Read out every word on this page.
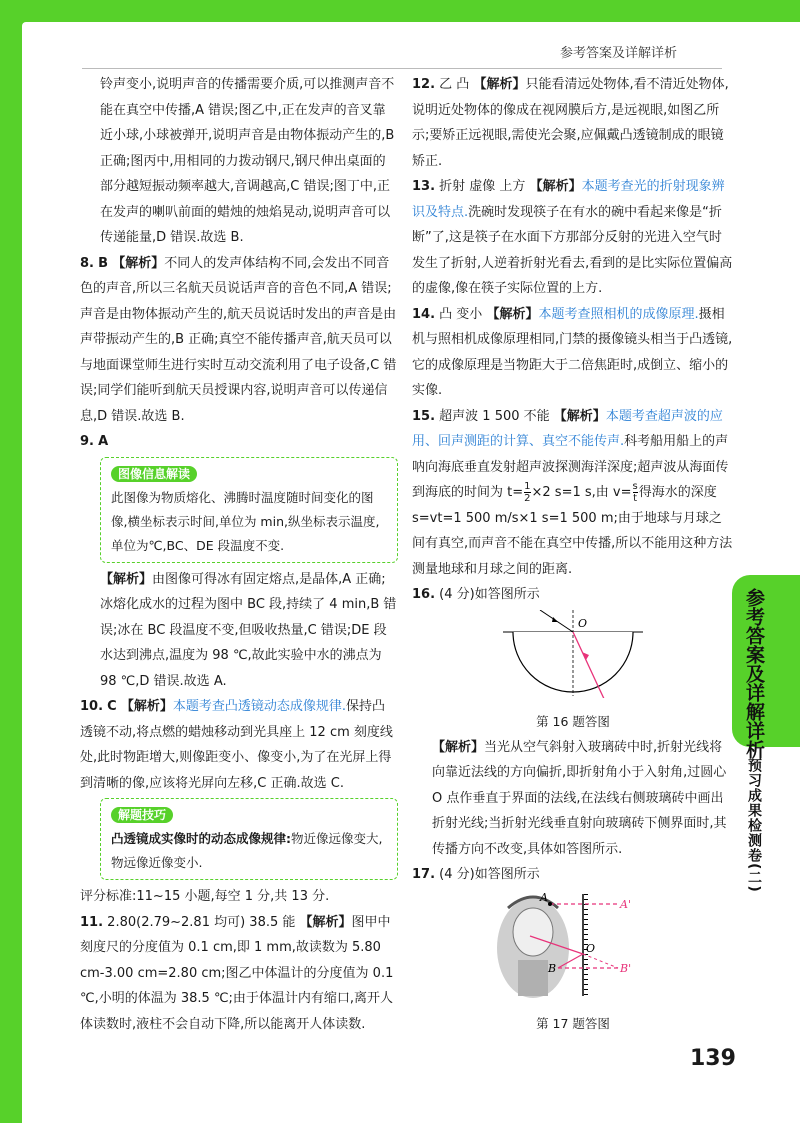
参考答案及详解详析

铃声变小,说明声音的传播需要介质,可以推测声音不能在真空中传播,A 错误;图乙中,正在发声的音叉靠近小球,小球被弹开,说明声音是由物体振动产生的,B 正确;图丙中,用相同的力拨动钢尺,钢尺伸出桌面的部分越短振动频率越大,音调越高,C 错误;图丁中,正在发声的喇叭前面的蜡烛的烛焰晃动,说明声音可以传递能量,D 错误.故选 B.

8. B 【解析】不同人的发声体结构不同,会发出不同音色的声音,所以三名航天员说话声音的音色不同,A 错误;声音是由物体振动产生的,航天员说话时发出的声音是由声带振动产生的,B 正确;真空不能传播声音,航天员可以与地面课堂师生进行实时互动交流利用了电子设备,C 错误;同学们能听到航天员授课内容,说明声音可以传递信息,D 错误.故选 B.

9. A

图像信息解读
此图像为物质熔化、沸腾时温度随时间变化的图像,横坐标表示时间,单位为 min,纵坐标表示温度,单位为℃,BC、DE 段温度不变.

【解析】由图像可得冰有固定熔点,是晶体,A 正确;冰熔化成水的过程为图中 BC 段,持续了 4 min,B 错误;冰在 BC 段温度不变,但吸收热量,C 错误;DE 段水达到沸点,温度为 98 ℃,故此实验中水的沸点为 98 ℃,D 错误.故选 A.

10. C 【解析】本题考查凸透镜动态成像规律.保持凸透镜不动,将点燃的蜡烛移动到光具座上 12 cm 刻度线处,此时物距增大,则像距变小、像变小,为了在光屏上得到清晰的像,应该将光屏向左移,C 正确.故选 C.

解题技巧
凸透镜成实像时的动态成像规律:物近像远像变大,物远像近像变小.

评分标准:11~15 小题,每空 1 分,共 13 分.

11. 2.80(2.79~2.81 均可) 38.5 能 【解析】图甲中刻度尺的分度值为 0.1 cm,即 1 mm,故读数为 5.80 cm-3.00 cm=2.80 cm;图乙中体温计的分度值为 0.1 ℃,小明的体温为 38.5 ℃;由于体温计内有缩口,离开人体读数时,液柱不会自动下降,所以能离开人体读数.

12. 乙 凸 【解析】只能看清远处物体,看不清近处物体,说明近处物体的像成在视网膜后方,是远视眼,如图乙所示;要矫正远视眼,需使光会聚,应佩戴凸透镜制成的眼镜矫正.

13. 折射 虚像 上方 【解析】本题考查光的折射现象辨识及特点.洗碗时发现筷子在有水的碗中看起来像是“折断”了,这是筷子在水面下方那部分反射的光进入空气时发生了折射,人逆着折射光看去,看到的是比实际位置偏高的虚像,像在筷子实际位置的上方.

14. 凸 变小 【解析】本题考查照相机的成像原理.摄相机与照相机成像原理相同,门禁的摄像镜头相当于凸透镜,它的成像原理是当物距大于二倍焦距时,成倒立、缩小的实像.

15. 超声波 1 500 不能 【解析】本题考查超声波的应用、回声测距的计算、真空不能传声.科考船用船上的声呐向海底垂直发射超声波探测海洋深度;超声波从海面传到海底的时间为 $t= \frac{1}{2} \times 2$ s=1 s,由 $v= \frac{s}{t}$ 得海水的深度 s=vt=1 500 m/s×1 s=1 500 m;由于地球与月球之间有真空,而声音不能在真空中传播,所以不能用这种方法测量地球和月球之间的距离.

16. (4 分)如答图所示

O
第 16 题答图

【解析】当光从空气斜射入玻璃砖中时,折射光线将向靠近法线的方向偏折,即折射角小于入射角,过圆心 O 点作垂直于界面的法线,在法线右侧玻璃砖中画出折射光线;当折射光线垂直射向玻璃砖下侧界面时,其传播方向不改变,具体如答图所示.

17. (4 分)如答图所示

A
A'
O
B	B'
第 17 题答图
参考答案及详解详析
预习成果检测卷(二)
139
